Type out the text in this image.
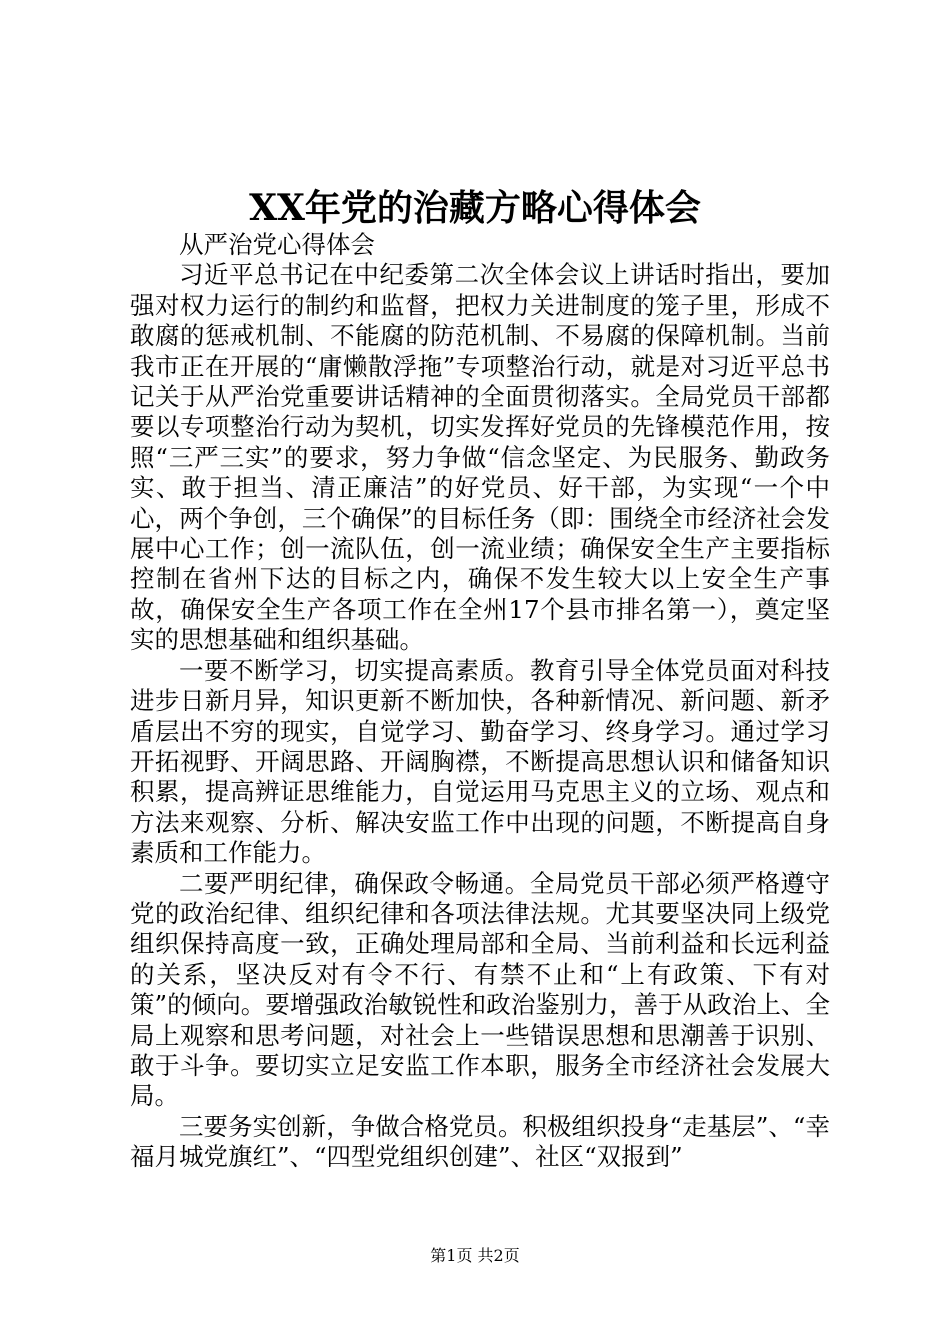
XX年党的治藏方略心得体会

从严治党心得体会

习近平总书记在中纪委第二次全体会议上讲话时指出，要加强对权力运行的制约和监督，把权力关进制度的笼子里，形成不敢腐的惩戒机制、不能腐的防范机制、不易腐的保障机制。当前我市正在开展的“庸懒散浮拖”专项整治行动，就是对习近平总书记关于从严治党重要讲话精神的全面贯彻落实。全局党员干部都要以专项整治行动为契机，切实发挥好党员的先锋模范作用，按照“三严三实”的要求，努力争做“信念坚定、为民服务、勤政务实、敢于担当、清正廉洁”的好党员、好干部，为实现“一个中心，两个争创，三个确保”的目标任务（即：围绕全市经济社会发展中心工作；创一流队伍，创一流业绩；确保安全生产主要指标控制在省州下达的目标之内，确保不发生较大以上安全生产事故，确保安全生产各项工作在全州17个县市排名第一），奠定坚实的思想基础和组织基础。

一要不断学习，切实提高素质。教育引导全体党员面对科技进步日新月异，知识更新不断加快，各种新情况、新问题、新矛盾层出不穷的现实，自觉学习、勤奋学习、终身学习。通过学习开拓视野、开阔思路、开阔胸襟，不断提高思想认识和储备知识积累，提高辨证思维能力，自觉运用马克思主义的立场、观点和方法来观察、分析、解决安监工作中出现的问题，不断提高自身素质和工作能力。

二要严明纪律，确保政令畅通。全局党员干部必须严格遵守党的政治纪律、组织纪律和各项法律法规。尤其要坚决同上级党组织保持高度一致，正确处理局部和全局、当前利益和长远利益的关系，坚决反对有令不行、有禁不止和“上有政策、下有对策”的倾向。要增强政治敏锐性和政治鉴别力，善于从政治上、全局上观察和思考问题，对社会上一些错误思想和思潮善于识别、敢于斗争。要切实立足安监工作本职，服务全市经济社会发展大局。

三要务实创新，争做合格党员。积极组织投身“走基层”、“幸福月城党旗红”、“四型党组织创建”、社区“双报到”

第1页 共2页
